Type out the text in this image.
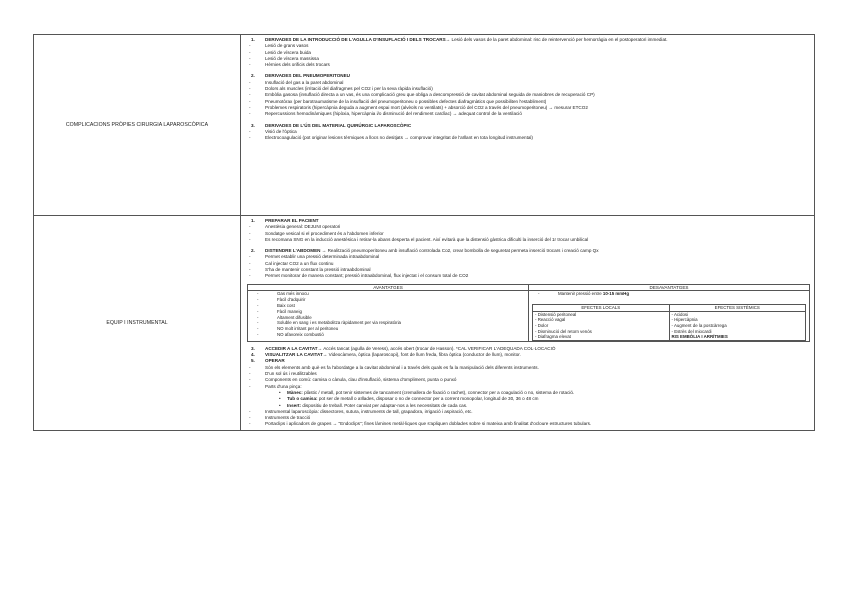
COMPLICACIONS PRÒPIES CIRURGIA LAPAROSCÒPICA	
1. DERIVADES DE LA INTRODUCCIÓ DE L'AGULLA D'INSUFLACIÓ I DELS TROCARS→ Lesió dels vasos de la paret abdominal: risc de reintervenció per hemorràgia en el postoperatori immediat.
-	Lesió de grans vasos
-	Lesió de víscera buida
-	Lesió de víscera massissa
-	Hèrnies dels orificis dels trocars
2. DERIVADES DEL PNEUMOPERITONEU
-	Insuflació del gas a la paret abdominal
-	Dolors als muscles (irritació del diafragmes pel CO2 i per la seva ràpida insuflació)
-	Embòlia gasosa (insuflació directa a un vas, és una complicació greu que obliga a descompressió de cavitat abdominal seguida de maniobres de recuperació CP)
-	Pneumotòrax (per barotraumatisme de la insuflació del pneumoperitoneu o possibles defectes diafragmàtics que possibiliten l'establiment)
-	Problemes respiratoris (hipercàpnia deguda a augment espai mort (alvèols no ventilats) + absorció del CO2 a través del pneumoperitoneu) → mesurar ETCO2
-	Repercussions hemodinàmiques (hipòxia, hipercàpnia i/o disminució del rendiment cardíac) → adequat control de la ventilació
3. DERIVADES DE L'ÚS DEL MATERIAL QUIRÚRGIC LAPAROSCÒPIC
-	Visió de l'òptica
-	Electrocoagulació (pot originar lesions tèrmiques a llocs no desitjats → comprovar integritat de l'aïllant en tota longitud instrumental)

EQUIP I INSTRUMENTAL	
1. PREPARAR EL PACIENT
-	Anestèsia general: DEJUNI operatori
-	Sondatge vesical si el procediment és a l'abdomen inferior
-	Es recomana SNG en la inducció anestèsica i retirar-la abans desperta el pacient. Així evitarà que la distensió gàstrica dificulti la inserció del 1r trocar umbilical
2. DISTENDRE L'ABDOMEN → Realització pneumoperitoneu amb insuflació controlada Co2, crear bombolla de seguretat permeta inserció trocars i creació camp Qx
-	Permet establir una pressió determinada intraabdominal
-	Cal injectar CO2 a un flux continu
-	S'ha de mantenir constant la pressió intraabdominal
-	Permet monitorar de manera constant; pressió intraabdominal, flux injectat i el consum total de CO2
AVANTATGES	DESAVANTATGES

-	Gas més innocu
-	Fàcil d'adquirir
-	Baix cost
-	Fàcil maneig
-	Altament difusible
-	Soluble en sang i es metabolitza ràpidament per via respiratòria
-	NO molt irritant per al peritoneu
-	NO afavoreix combustió

-	Mantenir pressió entre 10-15 mmHg
EFECTES LOCALS	EFECTES SISTÈMICS

- Distensió peritoneal
- Reacció vagal
- Dolor
- Disminució del retorn venós
- Diafragma elevat

- Acidosi
- Hipercàpnia
- Augment de la postcàrrega
- Estrès del miocardi
RIS EMBÒLIA I ARRÍTMIES
3. ACCEDIR A LA CAVITAT→ Accés tancat (agulla de Veress), accés obert (trocar de Hasson). *CAL VERIFICAR L'ADEQUADA COL·LOCACIÓ
4. VISUALITZAR LA CAVITAT→ Videocàmera, òptica (laparoscopi), font de llum freda, fibra òptica (conductor de llum), monitor.
5. OPERAR
-	Són els elements amb què es fa l'abordatge a la cavitat abdominal i a través dels quals es fa la manipulació dels diferents instruments.
-	D'un sol ús i reutilitzables
-	Components en comú: camisa o cànula, clau d'insuflació, sistema d'ompliment, punta o punxó
-	Parts d'una pinça:
• Mànec: plàstic / metall, pot tenir sistemes de tancament (cremallera de fixació o rachet), connector per a coagulació o no, sistema de rotació.
• Tub o camisa: pot ser de metall o aïllades, disposar o no de connector per a corrent monopolar, longitud de 30, 36 o 48 cm
• Insert: dispositiu de treball. Poter canviat per adaptar-nos a les necessitats de cada cas.
-	Instrumental laparoscòpia: dissectores, sutura, instruments de tall, grapadora, irrigació i aspiració, etc.
-	Instruments de tracció
-	Portaclips i aplicadors de grapes → "Endoclips"; fines làmines metàl·liques que s'apliquen doblades sobre si mateixa amb finalitat d'ocloure estructures tubulars.
